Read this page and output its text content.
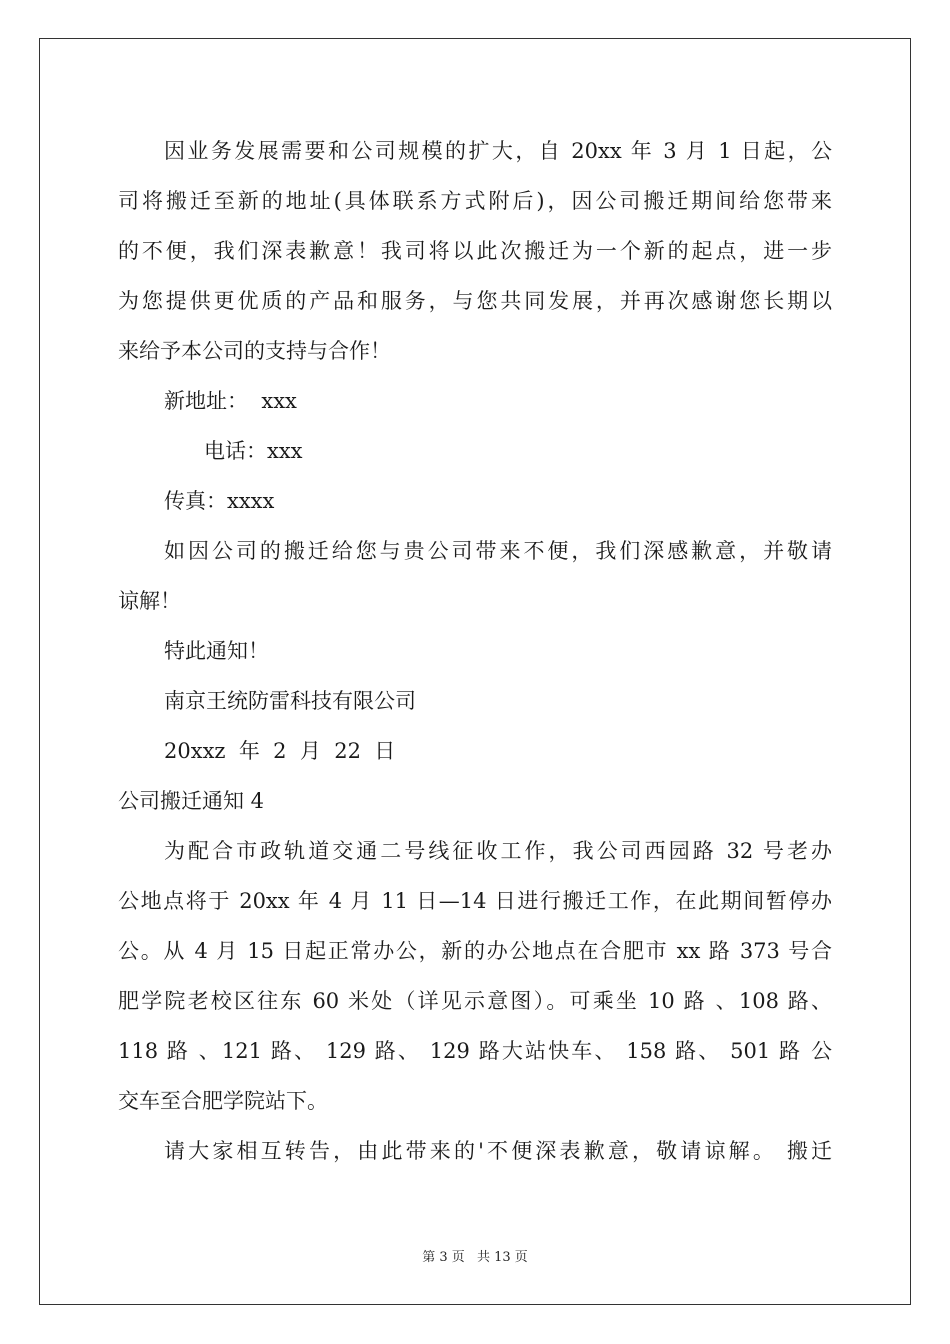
因业务发展需要和公司规模的扩大，自 20xx 年 3 月 1 日起，公
司将搬迁至新的地址(具体联系方式附后)，因公司搬迁期间给您带来
的不便，我们深表歉意！我司将以此次搬迁为一个新的起点，进一步
为您提供更优质的产品和服务，与您共同发展，并再次感谢您长期以
来给予本公司的支持与合作！
新地址：  xxx
电话：xxx
传真：xxxx
如因公司的搬迁给您与贵公司带来不便，我们深感歉意，并敬请
谅解！
特此通知！
南京王统防雷科技有限公司
20xxz  年  2  月  22  日
公司搬迁通知 4
为配合市政轨道交通二号线征收工作，我公司西园路 32 号老办
公地点将于 20xx 年 4 月 11 日—14 日进行搬迁工作，在此期间暂停办
公。从 4 月 15 日起正常办公，新的办公地点在合肥市 xx 路 373 号合
肥学院老校区往东 60 米处（详见示意图）。可乘坐 10 路 、108 路、
118 路 、121 路、 129 路、 129 路大站快车、 158 路、 501 路 公
交车至合肥学院站下。
请大家相互转告，由此带来的'不便深表歉意，敬请谅解。 搬迁
第 3 页 共 13 页
